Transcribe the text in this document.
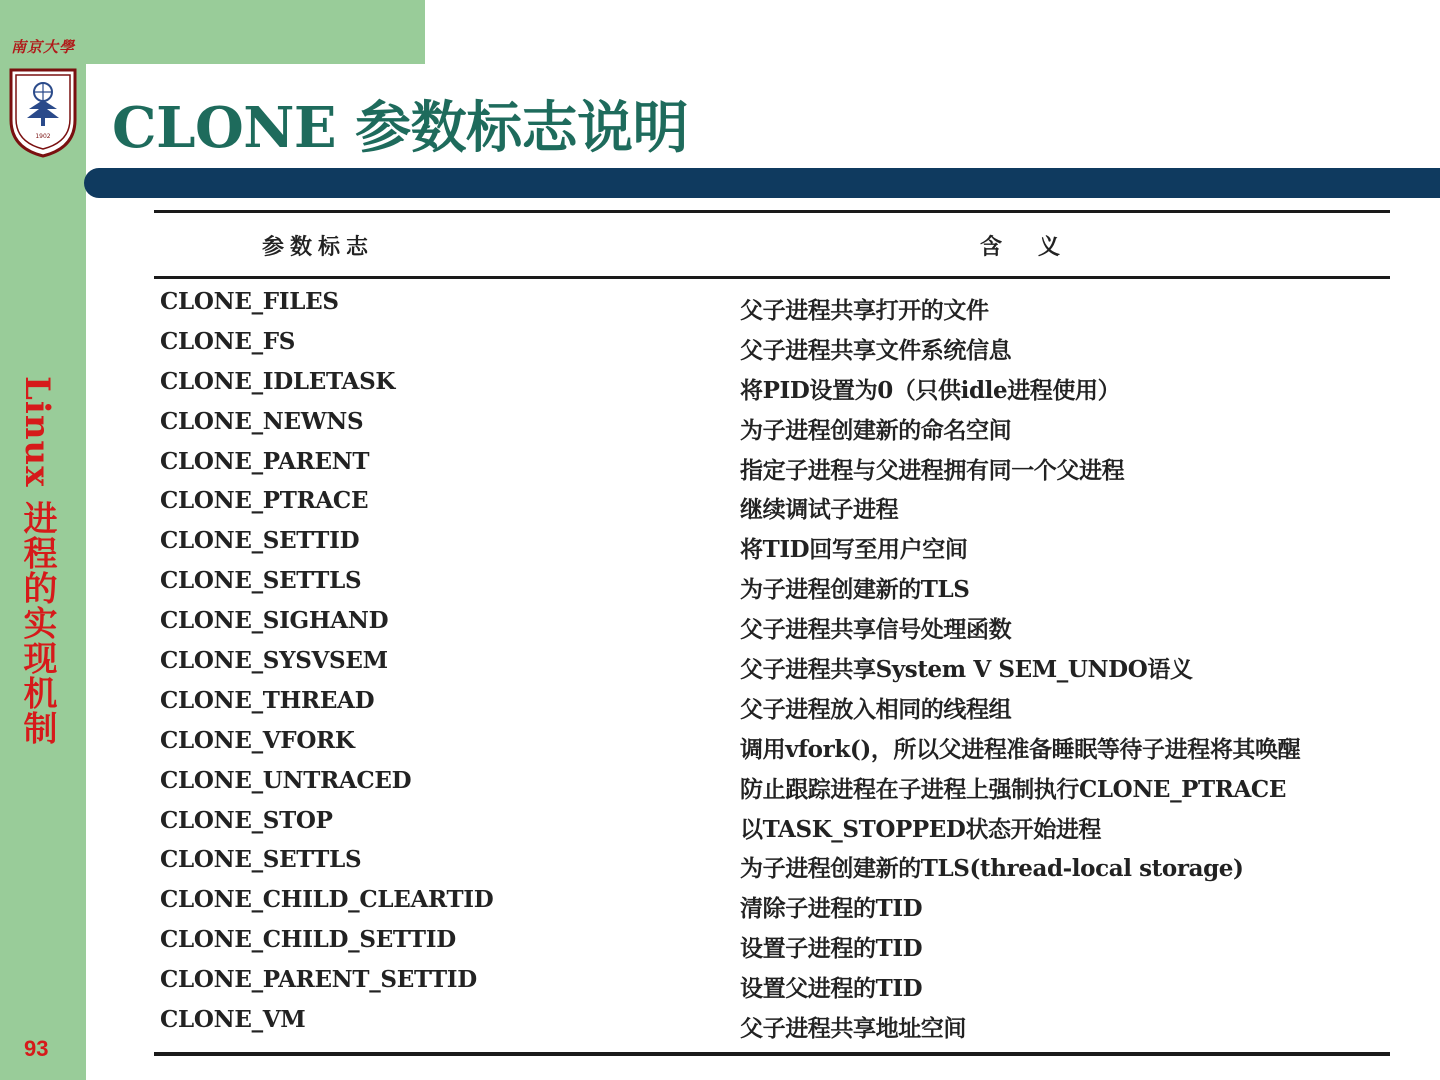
南京大學
1902 CLONE 参数标志说明
Linux 进程的实现机制
93
参数标志	含义
CLONE_FILES	父子进程共享打开的文件
CLONE_FS	父子进程共享文件系统信息
CLONE_IDLETASK	将PID设置为0（只供idle进程使用）
CLONE_NEWNS	为子进程创建新的命名空间
CLONE_PARENT	指定子进程与父进程拥有同一个父进程
CLONE_PTRACE	继续调试子进程
CLONE_SETTID	将TID回写至用户空间
CLONE_SETTLS	为子进程创建新的TLS
CLONE_SIGHAND	父子进程共享信号处理函数
CLONE_SYSVSEM	父子进程共享System V SEM_UNDO语义
CLONE_THREAD	父子进程放入相同的线程组
CLONE_VFORK	调用vfork()，所以父进程准备睡眠等待子进程将其唤醒
CLONE_UNTRACED	防止跟踪进程在子进程上强制执行CLONE_PTRACE
CLONE_STOP	以TASK_STOPPED状态开始进程
CLONE_SETTLS	为子进程创建新的TLS(thread-local storage)
CLONE_CHILD_CLEARTID	清除子进程的TID
CLONE_CHILD_SETTID	设置子进程的TID
CLONE_PARENT_SETTID	设置父进程的TID
CLONE_VM	父子进程共享地址空间
